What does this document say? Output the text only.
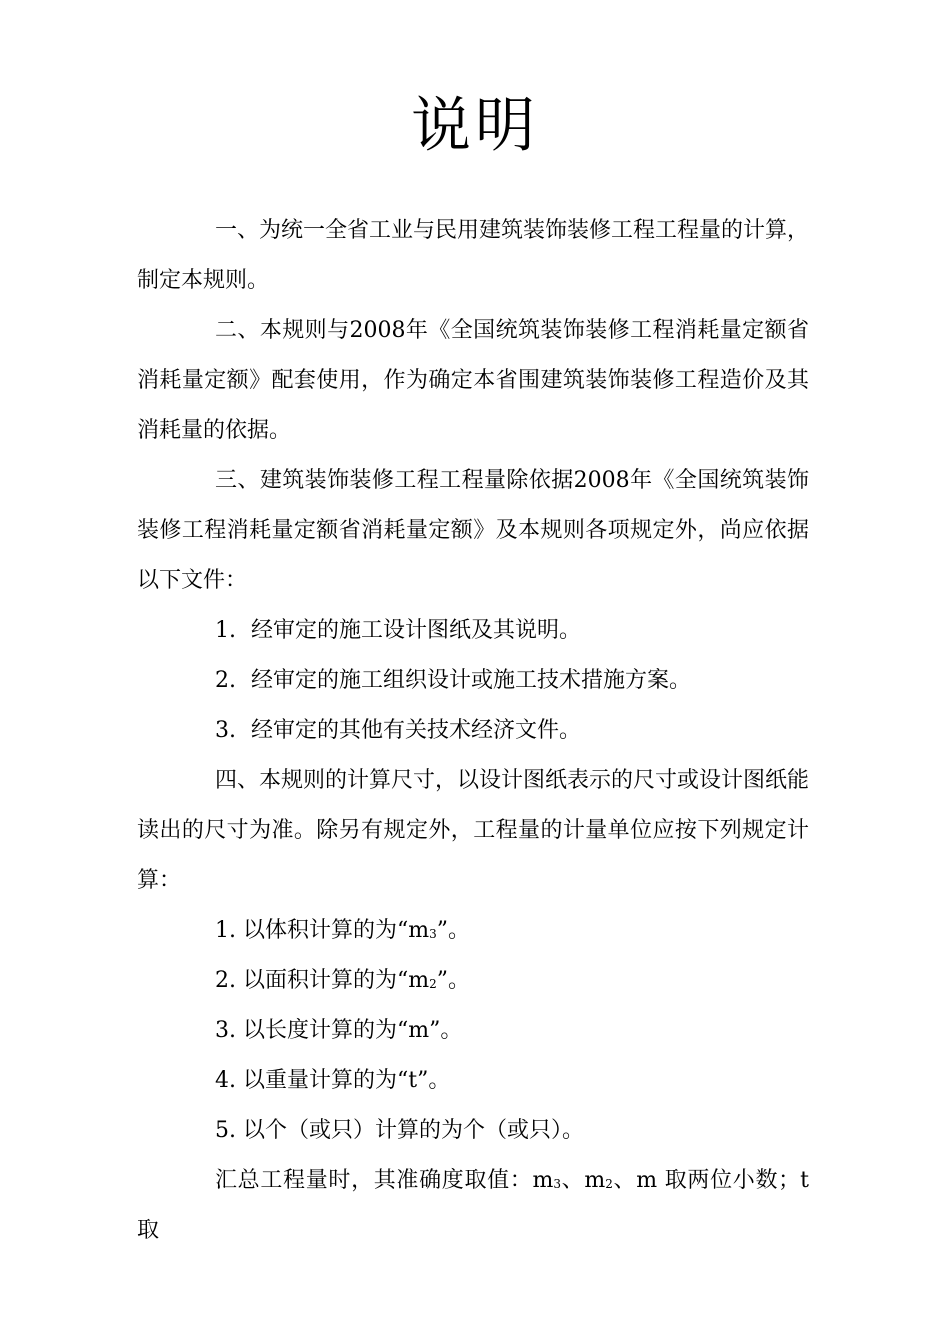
说明

一、为统一全省工业与民用建筑装饰装修工程工程量的计算，制定本规则。

二、本规则与2008年《全国统筑装饰装修工程消耗量定额省消耗量定额》配套使用，作为确定本省围建筑装饰装修工程造价及其消耗量的依据。

三、建筑装饰装修工程工程量除依据2008年《全国统筑装饰装修工程消耗量定额省消耗量定额》及本规则各项规定外，尚应依据以下文件：

1. 经审定的施工设计图纸及其说明。

2. 经审定的施工组织设计或施工技术措施方案。

3. 经审定的其他有关技术经济文件。

四、本规则的计算尺寸，以设计图纸表示的尺寸或设计图纸能读出的尺寸为准。除另有规定外，工程量的计量单位应按下列规定计算：

1. 以体积计算的为“$m_3$”。

2. 以面积计算的为“$m_2$”。

3. 以长度计算的为“m”。

4. 以重量计算的为“t”。

5. 以个（或只）计算的为个（或只）。

汇总工程量时，其准确度取值：$m_3$、$m_2$、m 取两位小数；t 取
